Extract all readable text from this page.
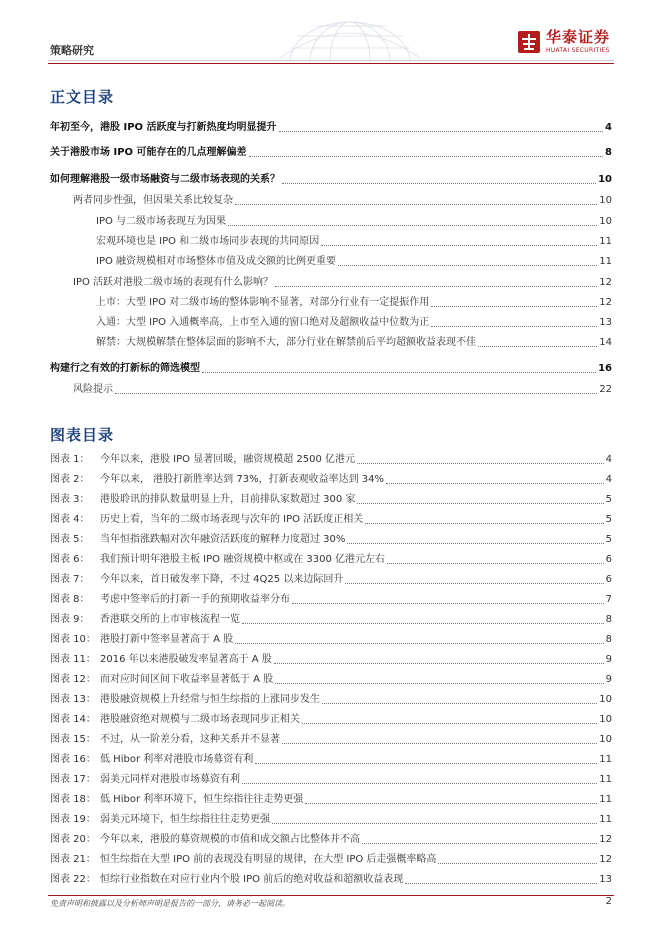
策略研究
华泰证券
HUATAI SECURITIES
正文目录
年初至今，港股 IPO 活跃度与打新热度均明显提升	4
关于港股市场 IPO 可能存在的几点理解偏差	8
如何理解港股一级市场融资与二级市场表现的关系？	10
两者同步性强，但因果关系比较复杂	10
IPO 与二级市场表现互为因果	10
宏观环境也是 IPO 和二级市场同步表现的共同原因	11
IPO 融资规模相对市场整体市值及成交额的比例更重要	11
IPO 活跃对港股二级市场的表现有什么影响？	12
上市：大型 IPO 对二级市场的整体影响不显著，对部分行业有一定提振作用	12
入通：大型 IPO 入通概率高，上市至入通的窗口绝对及超额收益中位数为正	13
解禁：大规模解禁在整体层面的影响不大，部分行业在解禁前后平均超额收益表现不佳	14
构建行之有效的打新标的筛选模型	16
风险提示	22
图表目录
图表 1：	今年以来，港股 IPO 显著回暖，融资规模超 2500 亿港元	4
图表 2：	今年以来， 港股打新胜率达到 73%，打新表观收益率达到 34%	4
图表 3：	港股聆讯的排队数量明显上升，目前排队家数超过 300 家	5
图表 4：	历史上看，当年的二级市场表现与次年的 IPO 活跃度正相关	5
图表 5：	当年恒指涨跌幅对次年融资活跃度的解释力度超过 30%	5
图表 6：	我们预计明年港股主板 IPO 融资规模中枢或在 3300 亿港元左右	6
图表 7：	今年以来，首日破发率下降，不过 4Q25 以来边际回升	6
图表 8：	考虑中签率后的打新一手的预期收益率分布	7
图表 9：	香港联交所的上市审核流程一览	8
图表 10： 港股打新中签率显著高于 A 股	8
图表 11： 2016 年以来港股破发率显著高于 A 股	9
图表 12： 而对应时间区间下收益率显著低于 A 股	9
图表 13： 港股融资规模上升经常与恒生综指的上涨同步发生	10
图表 14： 港股融资绝对规模与二级市场表现同步正相关	10
图表 15： 不过，从一阶差分看，这种关系并不显著	10
图表 16： 低 Hibor 利率对港股市场募资有利	11
图表 17： 弱美元同样对港股市场募资有利	11
图表 18： 低 Hibor 利率环境下，恒生综指往往走势更强	11
图表 19： 弱美元环境下，恒生综指往往走势更强	11
图表 20： 今年以来，港股的募资规模的市值和成交额占比整体并不高	12
图表 21： 恒生综指在大型 IPO 前的表现没有明显的规律，在大型 IPO 后走强概率略高	12
图表 22： 恒综行业指数在对应行业内个股 IPO 前后的绝对收益和超额收益表现	13
免责声明和披露以及分析师声明是报告的一部分，请务必一起阅读。	2
